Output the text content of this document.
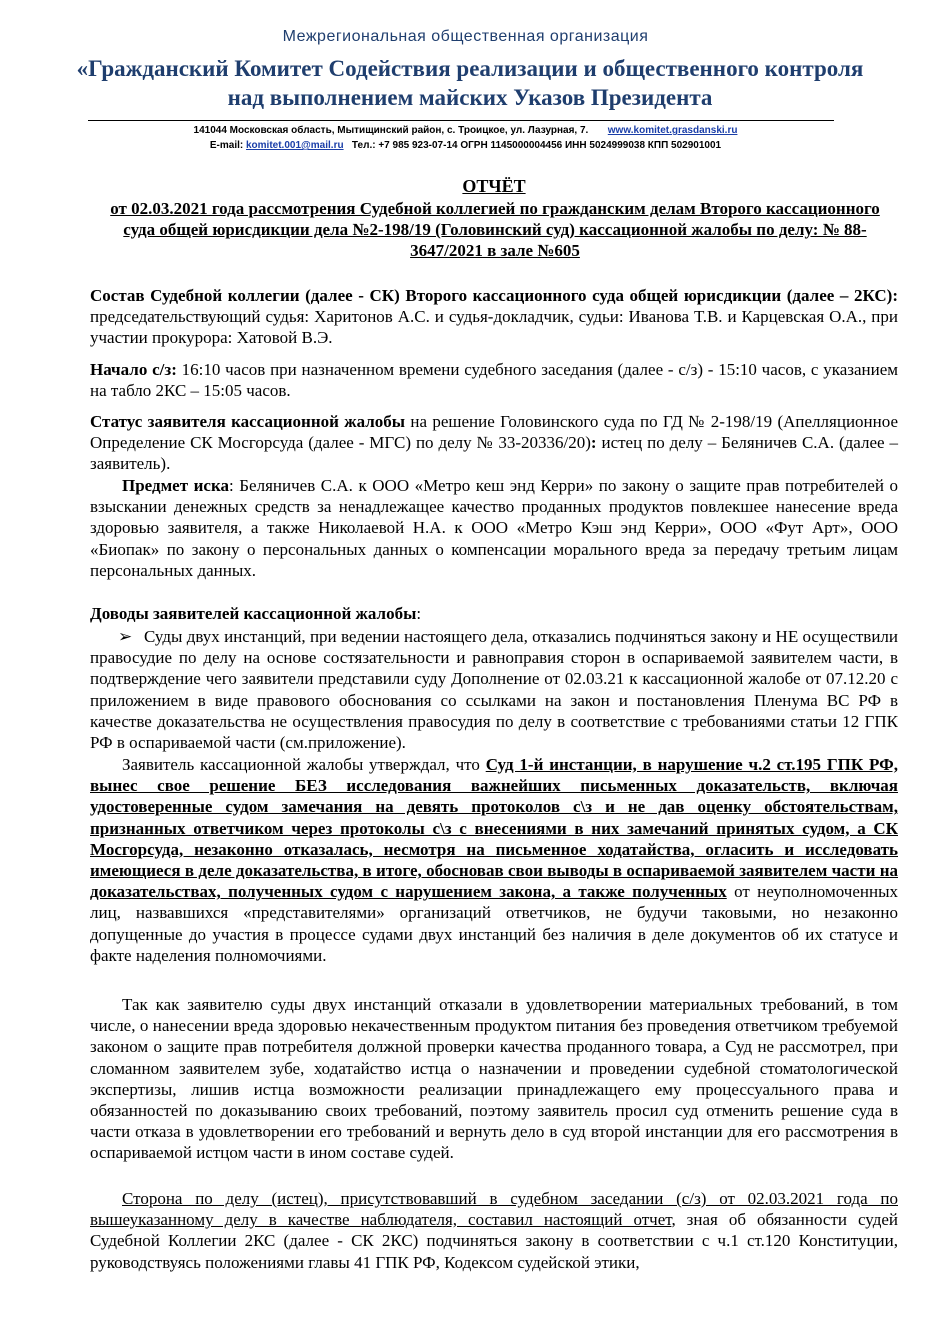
Межрегиональная общественная организация
«Гражданский Комитет Содействия реализации и общественного контроля над выполнением майских Указов Президента
141044 Московская область, Мытищинский район, с. Троицкое, ул. Лазурная, 7. www.komitet.grasdanski.ru
E-mail: komitet.001@mail.ru Тел.: +7 985 923-07-14 ОГРН 1145000004456 ИНН 5024999038 КПП 502901001
ОТЧЁТ
от 02.03.2021 года рассмотрения Судебной коллегией по гражданским делам Второго кассационного суда общей юрисдикции дела №2-198/19 (Головинский суд) кассационной жалобы по делу: № 88-3647/2021 в зале №605
Состав Судебной коллегии (далее - СК) Второго кассационного суда общей юрисдикции (далее – 2КС): председательствующий судья: Харитонов А.С. и судья-докладчик, судьи: Иванова Т.В. и Карцевская О.А., при участии прокурора: Хатовой В.Э.
Начало с/з: 16:10 часов при назначенном времени судебного заседания (далее - с/з) - 15:10 часов, с указанием на табло 2КС – 15:05 часов.
Статус заявителя кассационной жалобы на решение Головинского суда по ГД № 2-198/19 (Апелляционное Определение СК Мосгорсуда (далее - МГС) по делу № 33-20336/20): истец по делу – Беляничев С.А. (далее – заявитель).
Предмет иска: Беляничев С.А. к ООО «Метро кеш энд Керри» по закону о защите прав потребителей о взыскании денежных средств за ненадлежащее качество проданных продуктов повлекшее нанесение вреда здоровью заявителя, а также Николаевой Н.А. к ООО «Метро Кэш энд Керри», ООО «Фут Арт», ООО «Биопак» по закону о персональных данных о компенсации морального вреда за передачу третьим лицам персональных данных.
Доводы заявителей кассационной жалобы:
➢ Суды двух инстанций, при ведении настоящего дела, отказались подчиняться закону и НЕ осуществили правосудие по делу на основе состязательности и равноправия сторон в оспариваемой заявителем части, в подтверждение чего заявители представили суду Дополнение от 02.03.21 к кассационной жалобе от 07.12.20 с приложением в виде правового обоснования со ссылками на закон и постановления Пленума ВС РФ в качестве доказательства не осуществления правосудия по делу в соответствие с требованиями статьи 12 ГПК РФ в оспариваемой части (см.приложение).
Заявитель кассационной жалобы утверждал, что Суд 1-й инстанции, в нарушение ч.2 ст.195 ГПК РФ, вынес свое решение БЕЗ исследования важнейших письменных доказательств, включая удостоверенные судом замечания на девять протоколов с\з и не дав оценку обстоятельствам, признанных ответчиком через протоколы с\з с внесениями в них замечаний принятых судом, а СК Мосгорсуда, незаконно отказалась, несмотря на письменное ходатайства, огласить и исследовать имеющиеся в деле доказательства, в итоге, обосновав свои выводы в оспариваемой заявителем части на доказательствах, полученных судом с нарушением закона, а также полученных от неуполномоченных лиц, назвавшихся «представителями» организаций ответчиков, не будучи таковыми, но незаконно допущенные до участия в процессе судами двух инстанций без наличия в деле документов об их статусе и факте наделения полномочиями.
Так как заявителю суды двух инстанций отказали в удовлетворении материальных требований, в том числе, о нанесении вреда здоровью некачественным продуктом питания без проведения ответчиком требуемой законом о защите прав потребителя должной проверки качества проданного товара, а Суд не рассмотрел, при сломанном заявителем зубе, ходатайство истца о назначении и проведении судебной стоматологической экспертизы, лишив истца возможности реализации принадлежащего ему процессуального права и обязанностей по доказыванию своих требований, поэтому заявитель просил суд отменить решение суда в части отказа в удовлетворении его требований и вернуть дело в суд второй инстанции для его рассмотрения в оспариваемой истцом части в ином составе судей.
Сторона по делу (истец), присутствовавший в судебном заседании (с/з) от 02.03.2021 года по вышеуказанному делу в качестве наблюдателя, составил настоящий отчет, зная об обязанности судей Судебной Коллегии 2КС (далее - СК 2КС) подчиняться закону в соответствии с ч.1 ст.120 Конституции, руководствуясь положениями главы 41 ГПК РФ, Кодексом судейской этики,
